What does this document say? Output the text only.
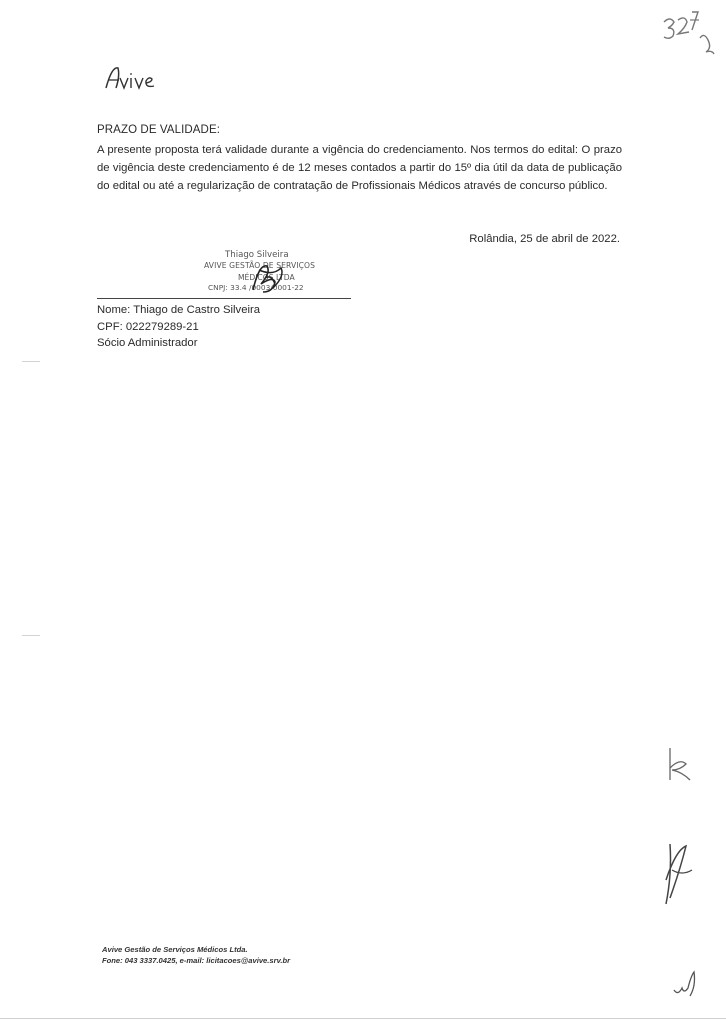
PRAZO DE VALIDADE:
A presente proposta terá validade durante a vigência do credenciamento. Nos termos do edital: O prazo de vigência deste credenciamento é de 12 meses contados a partir do 15º dia útil da data de publicação do edital ou até a regularização de contratação de Profissionais Médicos através de concurso público.
Rolândia, 25 de abril de 2022.
Thiago Silveira
AVIVE GESTÃO DE SERVIÇOS
MÉDICOS LTDA
CNPJ: 33.4 /0003/0001-22
Nome: Thiago de Castro Silveira
CPF: 022279289-21
Sócio Administrador
Avive Gestão de Serviços Médicos Ltda.
Fone: 043 3337.0425, e-mail: licitacoes@avive.srv.br
